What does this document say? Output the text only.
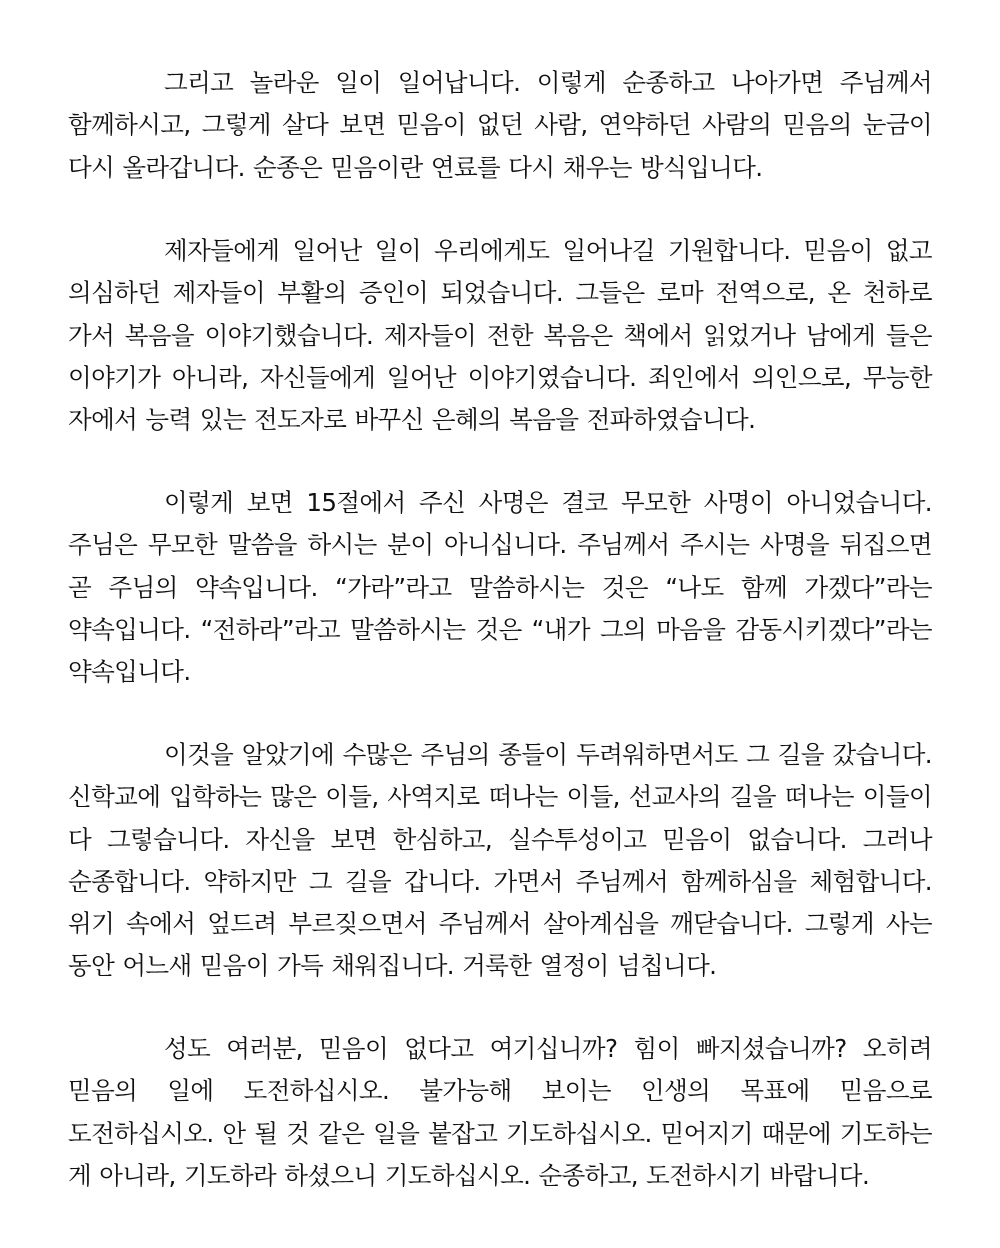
그리고 놀라운 일이 일어납니다. 이렇게 순종하고 나아가면 주님께서 함께하시고, 그렇게 살다 보면 믿음이 없던 사람, 연약하던 사람의 믿음의 눈금이 다시 올라갑니다. 순종은 믿음이란 연료를 다시 채우는 방식입니다.

제자들에게 일어난 일이 우리에게도 일어나길 기원합니다. 믿음이 없고 의심하던 제자들이 부활의 증인이 되었습니다. 그들은 로마 전역으로, 온 천하로 가서 복음을 이야기했습니다. 제자들이 전한 복음은 책에서 읽었거나 남에게 들은 이야기가 아니라, 자신들에게 일어난 이야기였습니다. 죄인에서 의인으로, 무능한 자에서 능력 있는 전도자로 바꾸신 은혜의 복음을 전파하였습니다.

이렇게 보면 15절에서 주신 사명은 결코 무모한 사명이 아니었습니다. 주님은 무모한 말씀을 하시는 분이 아니십니다. 주님께서 주시는 사명을 뒤집으면 곧 주님의 약속입니다. “가라”라고 말씀하시는 것은 “나도 함께 가겠다”라는 약속입니다. “전하라”라고 말씀하시는 것은 “내가 그의 마음을 감동시키겠다”라는 약속입니다.

이것을 알았기에 수많은 주님의 종들이 두려워하면서도 그 길을 갔습니다. 신학교에 입학하는 많은 이들, 사역지로 떠나는 이들, 선교사의 길을 떠나는 이들이 다 그렇습니다. 자신을 보면 한심하고, 실수투성이고 믿음이 없습니다. 그러나 순종합니다. 약하지만 그 길을 갑니다. 가면서 주님께서 함께하심을 체험합니다. 위기 속에서 엎드려 부르짖으면서 주님께서 살아계심을 깨닫습니다. 그렇게 사는 동안 어느새 믿음이 가득 채워집니다. 거룩한 열정이 넘칩니다.

성도 여러분, 믿음이 없다고 여기십니까? 힘이 빠지셨습니까? 오히려 믿음의 일에 도전하십시오. 불가능해 보이는 인생의 목표에 믿음으로 도전하십시오. 안 될 것 같은 일을 붙잡고 기도하십시오. 믿어지기 때문에 기도하는 게 아니라, 기도하라 하셨으니 기도하십시오. 순종하고, 도전하시기 바랍니다.
